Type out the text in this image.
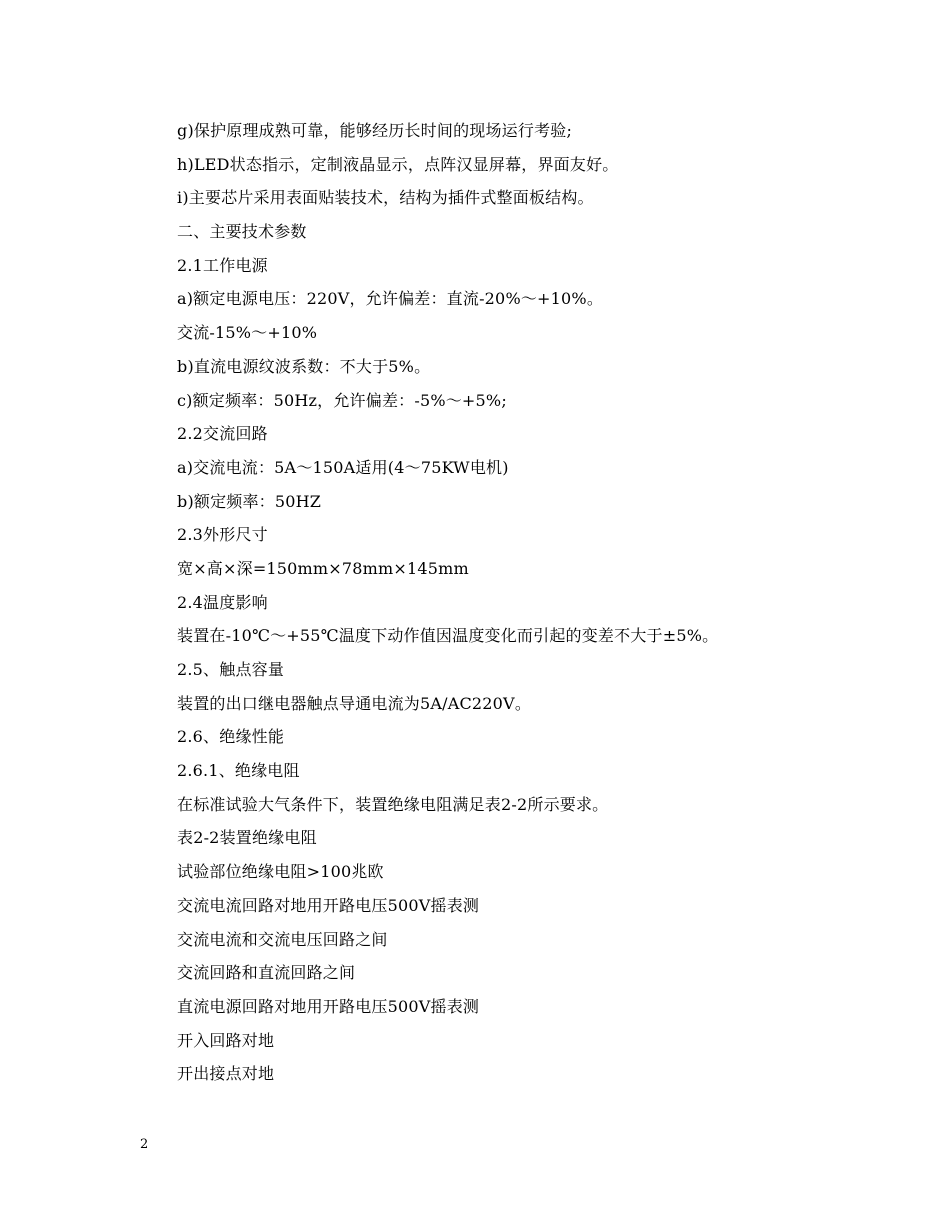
g)保护原理成熟可靠，能够经历长时间的现场运行考验;
h)LED状态指示，定制液晶显示，点阵汉显屏幕，界面友好。
i)主要芯片采用表面贴装技术，结构为插件式整面板结构。
二、主要技术参数
2.1工作电源
a)额定电源电压：220V，允许偏差：直流-20%～+10%。
交流-15%～+10%
b)直流电源纹波系数：不大于5%。
c)额定频率：50Hz，允许偏差：-5%～+5%;
2.2交流回路
a)交流电流：5A～150A适用(4～75KW电机)
b)额定频率：50HZ
2.3外形尺寸
宽×高×深=150mm×78mm×145mm
2.4温度影响
装置在-10℃～+55℃温度下动作值因温度变化而引起的变差不大于±5%。
2.5、触点容量
装置的出口继电器触点导通电流为5A/AC220V。
2.6、绝缘性能
2.6.1、绝缘电阻
在标准试验大气条件下，装置绝缘电阻满足表2-2所示要求。
表2-2装置绝缘电阻
试验部位绝缘电阻>100兆欧
交流电流回路对地用开路电压500V摇表测
交流电流和交流电压回路之间
交流回路和直流回路之间
直流电源回路对地用开路电压500V摇表测
开入回路对地
开出接点对地
2
